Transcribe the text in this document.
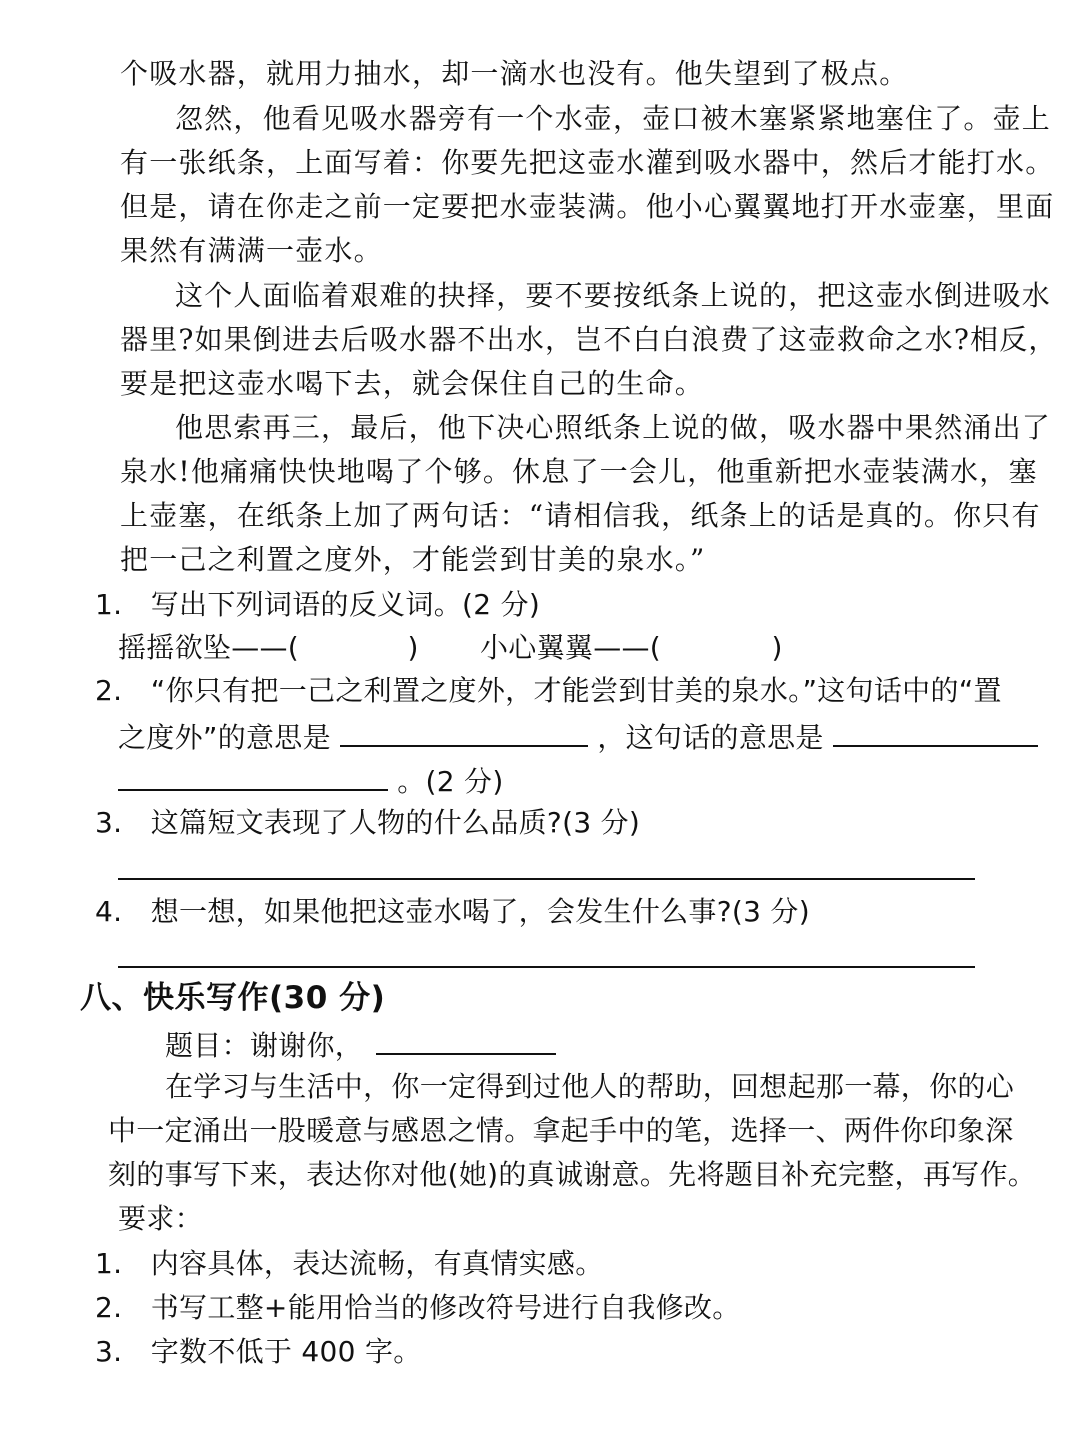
个吸水器，就用力抽水，却一滴水也没有。他失望到了极点。
忽然，他看见吸水器旁有一个水壶，壶口被木塞紧紧地塞住了。壶上
有一张纸条，上面写着：你要先把这壶水灌到吸水器中，然后才能打水。
但是，请在你走之前一定要把水壶装满。他小心翼翼地打开水壶塞，里面
果然有满满一壶水。
这个人面临着艰难的抉择，要不要按纸条上说的，把这壶水倒进吸水
器里?如果倒进去后吸水器不出水，岂不白白浪费了这壶救命之水?相反，
要是把这壶水喝下去，就会保住自己的生命。
他思索再三，最后，他下决心照纸条上说的做，吸水器中果然涌出了
泉水!他痛痛快快地喝了个够。休息了一会儿，他重新把水壶装满水，塞
上壶塞，在纸条上加了两句话：“请相信我，纸条上的话是真的。你只有
把一己之利置之度外，才能尝到甘美的泉水。”
1. 写出下列词语的反义词。(2 分)
摇摇欲坠——(	) 小心翼翼——(	)
2. “你只有把一己之利置之度外，才能尝到甘美的泉水。”这句话中的“置
之度外”的意思是	，这句话的意思是
。(2 分)
3. 这篇短文表现了人物的什么品质?(3 分)
4. 想一想，如果他把这壶水喝了，会发生什么事?(3 分)
八、快乐写作(30 分)
题目：谢谢你，
在学习与生活中，你一定得到过他人的帮助，回想起那一幕，你的心
中一定涌出一股暖意与感恩之情。拿起手中的笔，选择一、两件你印象深
刻的事写下来，表达你对他(她)的真诚谢意。先将题目补充完整，再写作。
要求：
1. 内容具体，表达流畅，有真情实感。
2. 书写工整+能用恰当的修改符号进行自我修改。
3. 字数不低于 400 字。
